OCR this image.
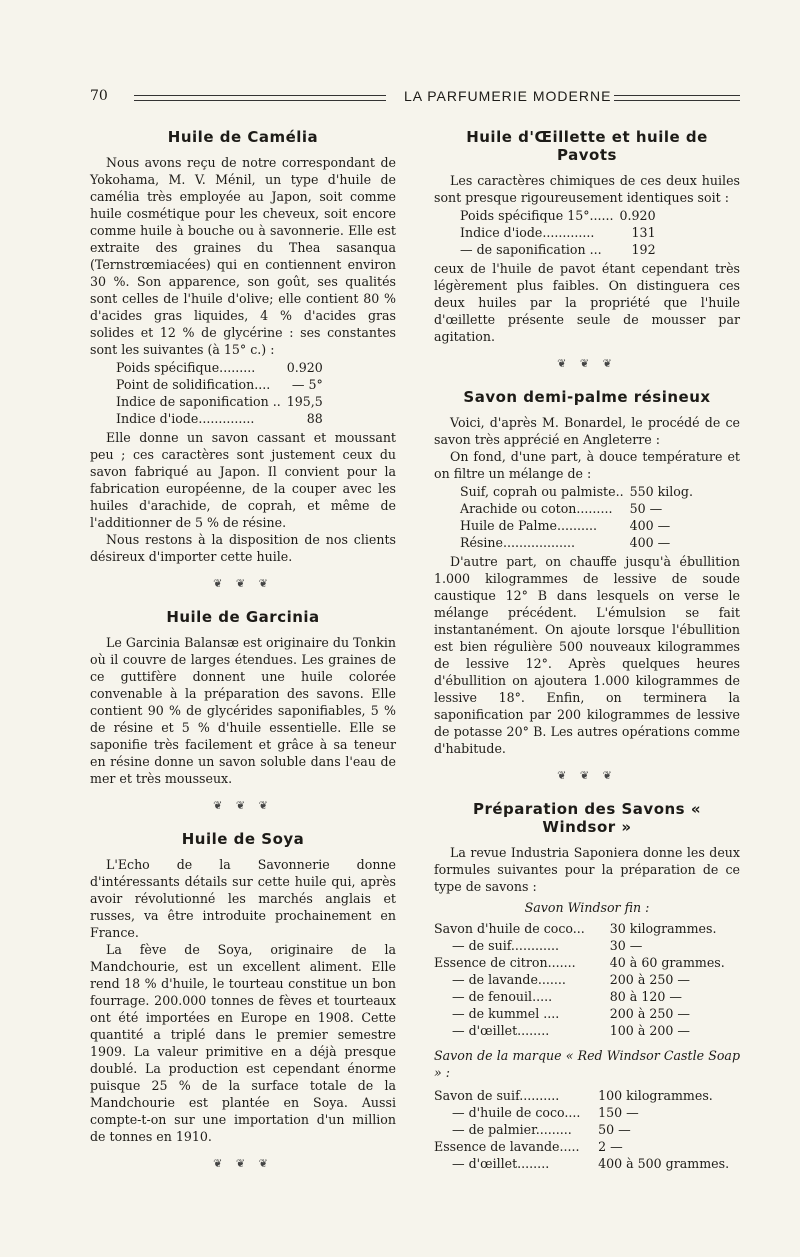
70	LA PARFUMERIE MODERNE
Huile de Camélia

Nous avons reçu de notre correspondant de Yokohama, M. V. Ménil, un type d'huile de camélia très employée au Japon, soit comme huile cosmétique pour les cheveux, soit encore comme huile à bouche ou à savonnerie. Elle est extraite des graines du Thea sasanqua (Ternstrœmiacées) qui en contiennent environ 30 %. Son apparence, son goût, ses qualités sont celles de l'huile d'olive; elle contient 80 % d'acides gras liquides, 4 % d'acides gras solides et 12 % de glycérine : ses constantes sont les suivantes (à 15° c.) :

Poids spécifique.........	0.920
Point de solidification....	— 5°
Indice de saponification ..	195,5
Indice d'iode..............	88

Elle donne un savon cassant et moussant peu ; ces caractères sont justement ceux du savon fabriqué au Japon. Il convient pour la fabrication européenne, de la couper avec les huiles d'arachide, de coprah, et même de l'additionner de 5 % de résine.

Nous restons à la disposition de nos clients désireux d'importer cette huile.

❦ ❦ ❦
Huile de Garcinia

Le Garcinia Balansæ est originaire du Tonkin où il couvre de larges étendues. Les graines de ce guttifère donnent une huile colorée convenable à la préparation des savons. Elle contient 90 % de glycérides saponifiables, 5 % de résine et 5 % d'huile essentielle. Elle se saponifie très facilement et grâce à sa teneur en résine donne un savon soluble dans l'eau de mer et très mousseux.

❦ ❦ ❦
Huile de Soya

L'Echo de la Savonnerie donne d'intéressants détails sur cette huile qui, après avoir révolutionné les marchés anglais et russes, va être introduite prochainement en France.

La fève de Soya, originaire de la Mandchourie, est un excellent aliment. Elle rend 18 % d'huile, le tourteau constitue un bon fourrage. 200.000 tonnes de fèves et tourteaux ont été importées en Europe en 1908. Cette quantité a triplé dans le premier semestre 1909. La valeur primitive en a déjà presque doublé. La production est cependant énorme puisque 25 % de la surface totale de la Mandchourie est plantée en Soya. Aussi compte-t-on sur une importation d'un million de tonnes en 1910.

❦ ❦ ❦
Huile d'Œillette et huile de Pavots

Les caractères chimiques de ces deux huiles sont presque rigoureusement identiques soit :

Poids spécifique 15°......	0.920
Indice d'iode.............	131
— de saponification ...	192

ceux de l'huile de pavot étant cependant très légèrement plus faibles. On distinguera ces deux huiles par la propriété que l'huile d'œillette présente seule de mousser par agitation.

❦ ❦ ❦
Savon demi-palme résineux

Voici, d'après M. Bonardel, le procédé de ce savon très apprécié en Angleterre :

On fond, d'une part, à douce température et on filtre un mélange de :

Suif, coprah ou palmiste..	550 kilog.
Arachide ou coton.........	50 —
Huile de Palme..........	400 —
Résine..................	400 —

D'autre part, on chauffe jusqu'à ébullition 1.000 kilogrammes de lessive de soude caustique 12° B dans lesquels on verse le mélange précédent. L'émulsion se fait instantanément. On ajoute lorsque l'ébullition est bien régulière 500 nouveaux kilogrammes de lessive 12°. Après quelques heures d'ébullition on ajoutera 1.000 kilogrammes de lessive 18°. Enfin, on terminera la saponification par 200 kilogrammes de lessive de potasse 20° B. Les autres opérations comme d'habitude.

❦ ❦ ❦
Préparation des Savons « Windsor »

La revue Industria Saponiera donne les deux formules suivantes pour la préparation de ce type de savons :

Savon Windsor fin :

Savon d'huile de coco...	30 kilogrammes.
— de suif............	30 —
Essence de citron.......	40 à 60 grammes.
— de lavande.......	200 à 250 —
— de fenouil.....	80 à 120 —
— de kummel ....	200 à 250 —
— d'œillet........	100 à 200 —

Savon de la marque « Red Windsor Castle Soap » :

Savon de suif..........	100 kilogrammes.
— d'huile de coco....	150 —
— de palmier.........	50 —
Essence de lavande.....	2 —
— d'œillet........	400 à 500 grammes.
